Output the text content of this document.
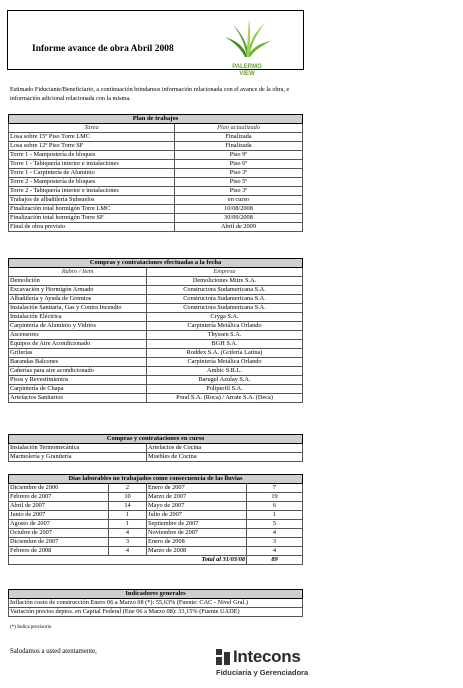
Informe avance de obra Abril 2008
PALERMO
VIEW
Estimado Fiduciante/Beneficiario, a continuación brindamos información relacionada con el avance de la obra, e información adicional relacionada con la misma.
Plan de trabajos	
Tarea	Plan actualizado
Losa sobre 15º Piso Torre LMC	Finalizada
Losa sobre 12º Piso Torre SF	Finalizada
Torre 1 - Mampostería de bloques	Piso 9º
Torre 1 - Tabiquería interior e instalaciones	Piso 6º
Torre 1 - Carpintería de Aluminio	Piso 3º
Torre 2 - Mampostería de bloques	Piso 5º
Torre 2 - Tabiquería interior e instalaciones	Piso 3º
Trabajos de albañilería Subsuelos	en curso
Finalización total hormigón Torre LMC	10/08/2008
Finalización total hormigón Torre SF	30/09/2008
Final de obra previsto	Abril de 2009
Compras y contrataciones efectuadas a la fecha	
Rubro / Item	Empresa
Demolición	Demoliciones Mitre S.A.
Excavación y Hormigón Armado	Constructora Sudamericana S.A.
Albañilería y Ayuda de Gremios	Constructora Sudamericana S.A.
Instalación Sanitaria, Gas y Contra Incendio	Constructora Sudamericana S.A.
Instalación Eléctrica	Cryga S.A.
Carpintería de Aluminio y Vidrios	Carpintería Metálica Orlando
Ascensores	Thyssen S.A.
Equipos de Aire Acondicionado	BGH S.A.
Griferías	Roddex S.A. (Grifería Latina)
Barandas Balcones	Carpintería Metálica Orlando
Cañerías para aire acondicionado	Ambic S.R.L.
Pisos y Revestimientos	Barugel Azulay S.A.
Carpintería de Chapa	Poliperfil S.A.
Artefactos Sanitarios	Poral S.A. (Roca) / Arrate S.A. (Deca)
Compras y contrataciones en curso	
Instalación Termomecánica	Artefactos de Cocina
Marmolería y Granitería	Muebles de Cocina
Días laborables no trabajados como consecuencia de las lluvias			
Diciembre de 2006	2	Enero de 2007	7
Febrero de 2007	10	Marzo de 2007	19
Abril de 2007	14	Mayo de 2007	6
Junio de 2007	1	Julio de 2007	1
Agosto de 2007	1	Septiembre de 2007	5
Octubre de 2007	4	Noviembre de 2007	4
Diciembre de 2007	3	Enero de 2008	3
Febrero de 2008	4	Marzo de 2008	4
Total al 31/03/08			89
Indicadores generales
Inflación costo de construcción Enero 06 a Marzo 08 (*): 55,63% (Fuente: CAC - Nivel Gral.)
Variación precios deptos. en Capital Federal (Ene 06 a Marzo 08): 33,15% (Fuente UADE)
(*) Indica provisorio
Saludamos a usted atentamente,	Intecons
Fiduciaria y Gerenciadora
